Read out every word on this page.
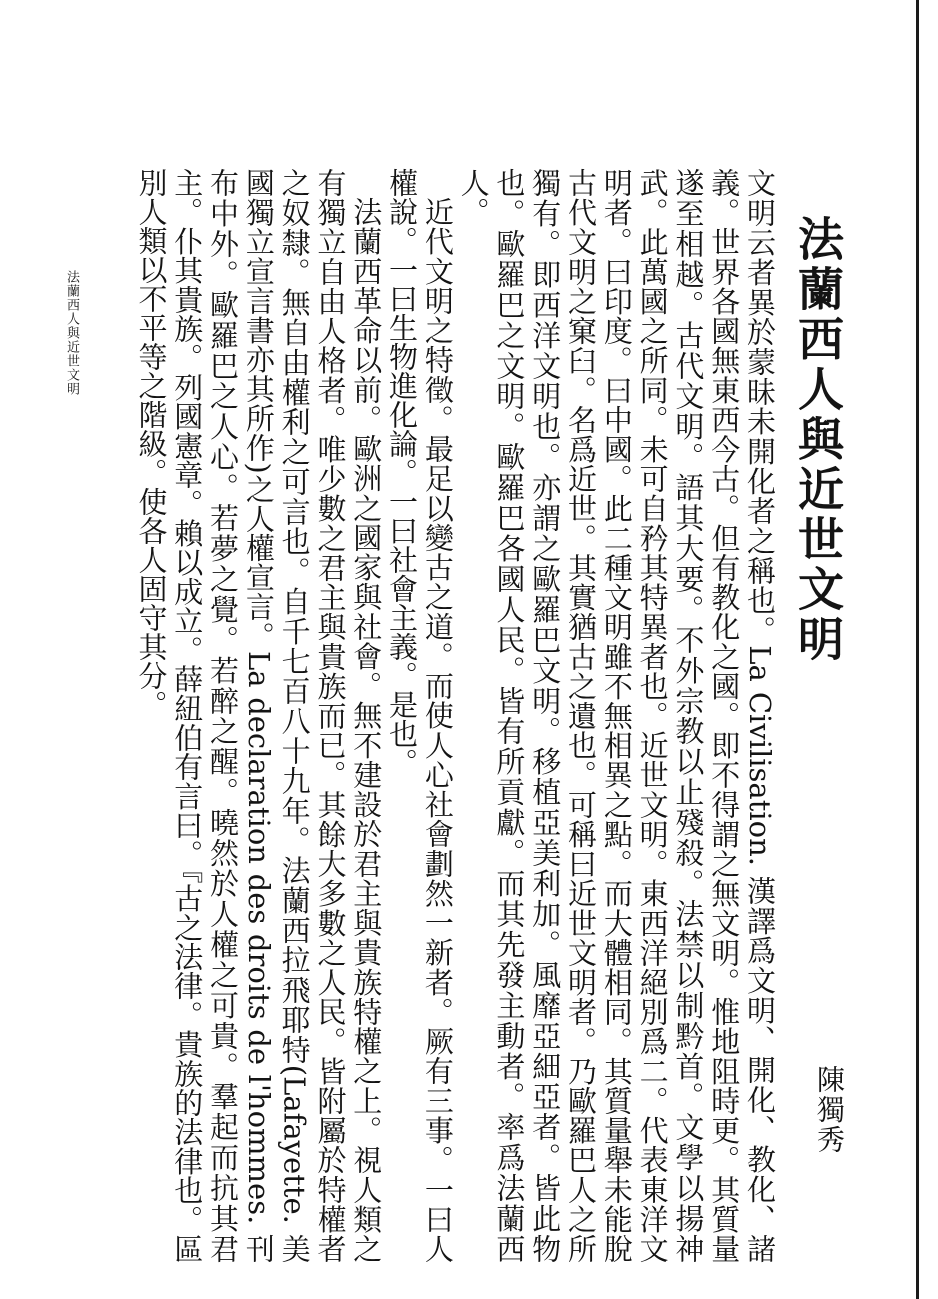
法蘭西人與近世文明
陳獨秀
法蘭西人與近世文明	文明云者異於蒙昧未開化者之稱也。La Civilisation. 漢譯爲文明、開化、教化、諸義。世界各國無東西今古。但有教化之國。即不得謂之無文明。惟地阻時更。其質量遂至相越。古代文明。語其大要。不外宗教以止殘殺。法禁以制黔首。文學以揚神武。此萬國之所同。未可自矜其特異者也。近世文明。東西洋絕別爲二。代表東洋文明者。曰印度。曰中國。此二種文明雖不無相異之點。而大體相同。其質量舉未能脫古代文明之窠臼。名爲近世。其實猶古之遺也。可稱曰近世文明者。乃歐羅巴人之所獨有。即西洋文明也。亦謂之歐羅巴文明。移植亞美利加。風靡亞細亞者。皆此物也。歐羅巴之文明。歐羅巴各國人民。皆有所貢獻。而其先發主動者。率爲法蘭西人。

近代文明之特徵。最足以變古之道。而使人心社會劃然一新者。厥有三事。一曰人權說。一曰生物進化論。一曰社會主義。是也。

法蘭西革命以前。歐洲之國家與社會。無不建設於君主與貴族特權之上。視人類之有獨立自由人格者。唯少數之君主與貴族而已。其餘大多數之人民。皆附屬於特權者之奴隸。無自由權利之可言也。自千七百八十九年。法蘭西拉飛耶特(Lafayette. 美國獨立宣言書亦其所作)之人權宣言。La declaration des droits de l'hommes. 刊布中外。歐羅巴之人心。若夢之覺。若醉之醒。曉然於人權之可貴。羣起而抗其君主。仆其貴族。列國憲章。賴以成立。薛紐伯有言曰。『古之法律。貴族的法律也。區別人類以不平等之階級。使各人固守其分。
